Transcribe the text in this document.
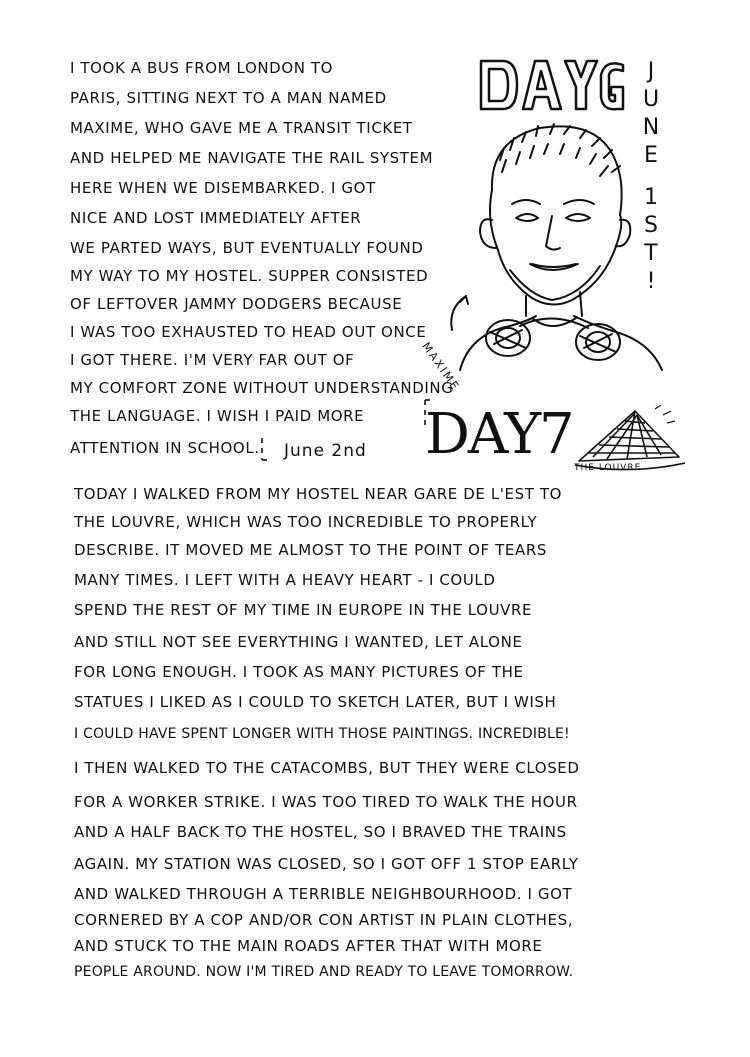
I TOOK A BUS FROM LONDON TO
PARIS, SITTING NEXT TO A MAN NAMED
MAXIME, WHO GAVE ME A TRANSIT TICKET
AND HELPED ME NAVIGATE THE RAIL SYSTEM
HERE WHEN WE DISEMBARKED. I GOT
NICE AND LOST IMMEDIATELY AFTER
WE PARTED WAYS, BUT EVENTUALLY FOUND
MY WAY TO MY HOSTEL. SUPPER CONSISTED
OF LEFTOVER JAMMY DODGERS BECAUSE
I WAS TOO EXHAUSTED TO HEAD OUT ONCE
I GOT THERE. I'M VERY FAR OUT OF
MY COMFORT ZONE WITHOUT UNDERSTANDING
THE LANGUAGE. I WISH I PAID MORE
ATTENTION IN SCHOOL.
J
U
N
E
1
S
T
!
MAXIME
June 2nd DAY7
THE LOUVRE
TODAY I WALKED FROM MY HOSTEL NEAR GARE DE L'EST TO
THE LOUVRE, WHICH WAS TOO INCREDIBLE TO PROPERLY
DESCRIBE. IT MOVED ME ALMOST TO THE POINT OF TEARS
MANY TIMES. I LEFT WITH A HEAVY HEART - I COULD
SPEND THE REST OF MY TIME IN EUROPE IN THE LOUVRE
AND STILL NOT SEE EVERYTHING I WANTED, LET ALONE
FOR LONG ENOUGH. I TOOK AS MANY PICTURES OF THE
STATUES I LIKED AS I COULD TO SKETCH LATER, BUT I WISH
I COULD HAVE SPENT LONGER WITH THOSE PAINTINGS. INCREDIBLE!
I THEN WALKED TO THE CATACOMBS, BUT THEY WERE CLOSED
FOR A WORKER STRIKE. I WAS TOO TIRED TO WALK THE HOUR
AND A HALF BACK TO THE HOSTEL, SO I BRAVED THE TRAINS
AGAIN. MY STATION WAS CLOSED, SO I GOT OFF 1 STOP EARLY
AND WALKED THROUGH A TERRIBLE NEIGHBOURHOOD. I GOT
CORNERED BY A COP AND/OR CON ARTIST IN PLAIN CLOTHES,
AND STUCK TO THE MAIN ROADS AFTER THAT WITH MORE
PEOPLE AROUND. NOW I'M TIRED AND READY TO LEAVE TOMORROW.
